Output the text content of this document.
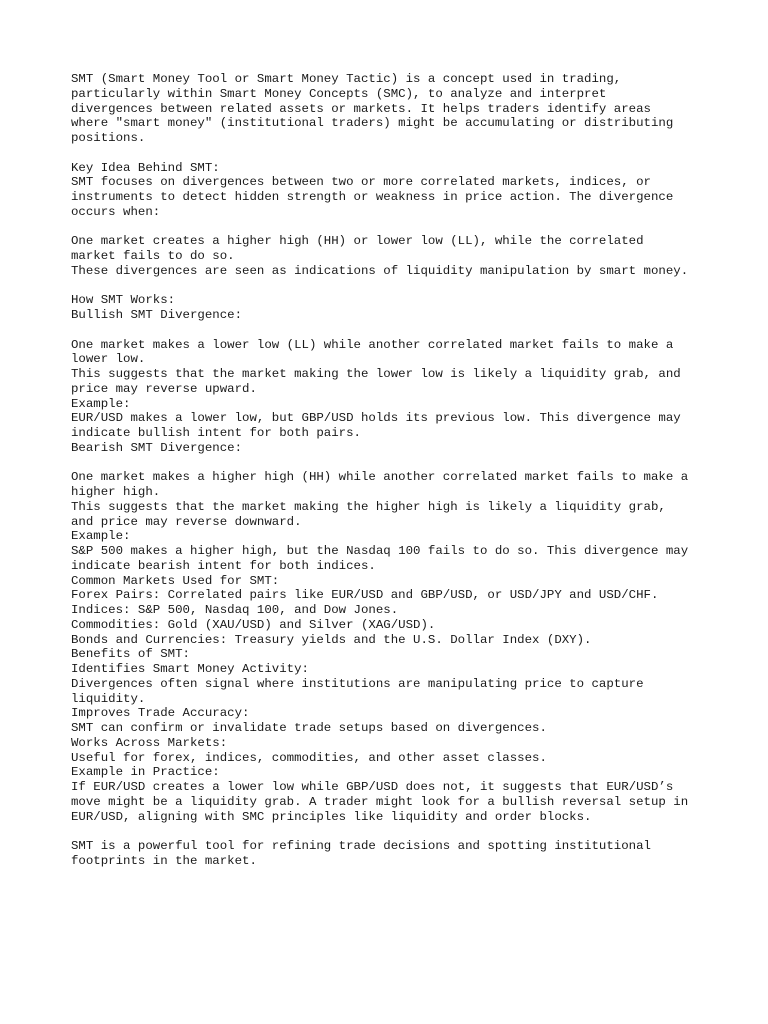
SMT (Smart Money Tool or Smart Money Tactic) is a concept used in trading,
particularly within Smart Money Concepts (SMC), to analyze and interpret
divergences between related assets or markets. It helps traders identify areas
where "smart money" (institutional traders) might be accumulating or distributing
positions.
Key Idea Behind SMT:
SMT focuses on divergences between two or more correlated markets, indices, or
instruments to detect hidden strength or weakness in price action. The divergence
occurs when:
One market creates a higher high (HH) or lower low (LL), while the correlated
market fails to do so.
These divergences are seen as indications of liquidity manipulation by smart money.
How SMT Works:
Bullish SMT Divergence:
One market makes a lower low (LL) while another correlated market fails to make a
lower low.
This suggests that the market making the lower low is likely a liquidity grab, and
price may reverse upward.
Example:
EUR/USD makes a lower low, but GBP/USD holds its previous low. This divergence may
indicate bullish intent for both pairs.
Bearish SMT Divergence:
One market makes a higher high (HH) while another correlated market fails to make a
higher high.
This suggests that the market making the higher high is likely a liquidity grab,
and price may reverse downward.
Example:
S&P 500 makes a higher high, but the Nasdaq 100 fails to do so. This divergence may
indicate bearish intent for both indices.
Common Markets Used for SMT:
Forex Pairs: Correlated pairs like EUR/USD and GBP/USD, or USD/JPY and USD/CHF.
Indices: S&P 500, Nasdaq 100, and Dow Jones.
Commodities: Gold (XAU/USD) and Silver (XAG/USD).
Bonds and Currencies: Treasury yields and the U.S. Dollar Index (DXY).
Benefits of SMT:
Identifies Smart Money Activity:
Divergences often signal where institutions are manipulating price to capture
liquidity.
Improves Trade Accuracy:
SMT can confirm or invalidate trade setups based on divergences.
Works Across Markets:
Useful for forex, indices, commodities, and other asset classes.
Example in Practice:
If EUR/USD creates a lower low while GBP/USD does not, it suggests that EUR/USD’s
move might be a liquidity grab. A trader might look for a bullish reversal setup in
EUR/USD, aligning with SMC principles like liquidity and order blocks.
SMT is a powerful tool for refining trade decisions and spotting institutional
footprints in the market.
